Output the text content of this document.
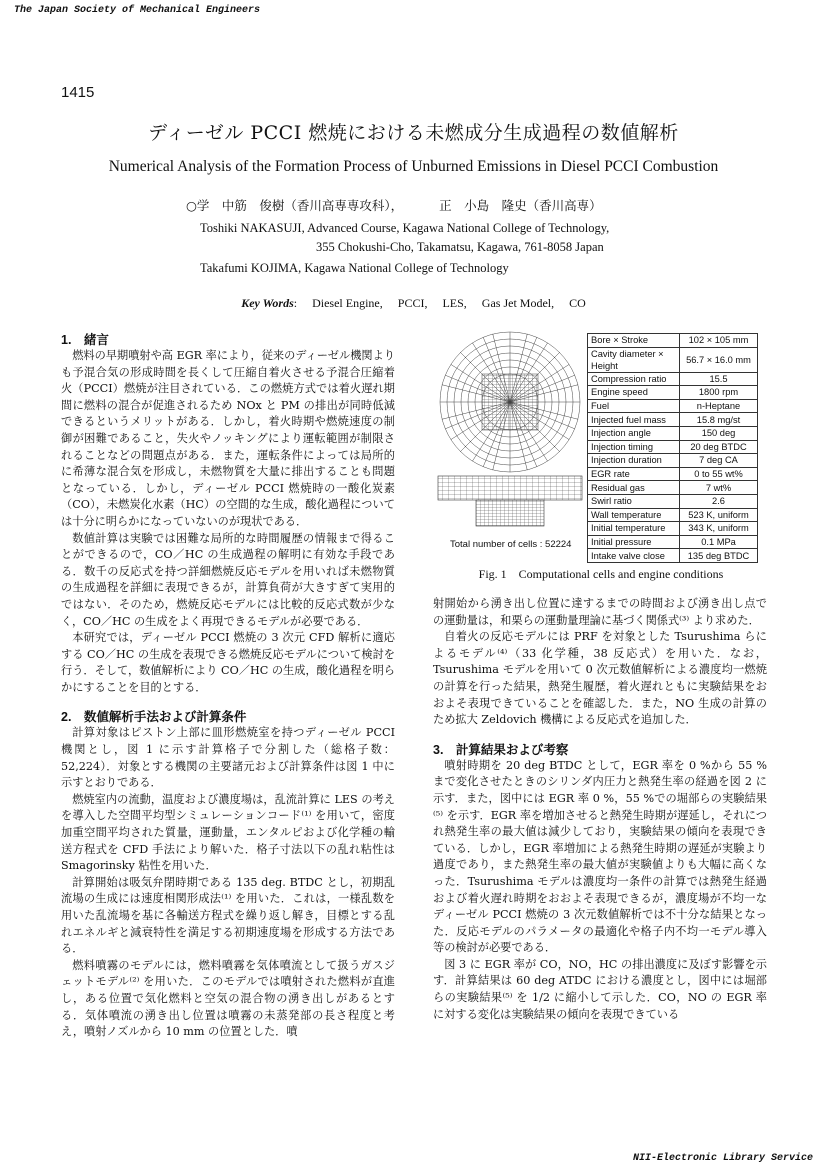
The Japan Society of Mechanical Engineers
1415
ディーゼル PCCI 燃焼における未燃成分生成過程の数値解析
Numerical Analysis of the Formation Process of Unburned Emissions in Diesel PCCI Combustion
○学　中筋　俊樹（香川高専専攻科），	正　小島　隆史（香川高専）
Toshiki NAKASUJI, Advanced Course, Kagawa National College of Technology,
355 Chokushi-Cho, Takamatsu, Kagawa, 761-8058 Japan
Takafumi KOJIMA, Kagawa National College of Technology
Key Words: Diesel Engine, PCCI, LES, Gas Jet Model, CO
1.　緒言

燃料の早期噴射や高 EGR 率により，従来のディーゼル機関よりも予混合気の形成時間を長くして圧縮自着火させる予混合圧縮着火（PCCI）燃焼が注目されている．この燃焼方式では着火遅れ期間に燃料の混合が促進されるため NOx と PM の排出が同時低減できるというメリットがある．しかし，着火時期や燃焼速度の制御が困難であること，失火やノッキングにより運転範囲が制限されることなどの問題点がある．また，運転条件によっては局所的に希薄な混合気を形成し，未燃物質を大量に排出することも問題となっている．しかし，ディーゼル PCCI 燃焼時の一酸化炭素（CO），未燃炭化水素（HC）の空間的な生成，酸化過程については十分に明らかになっていないのが現状である．

数値計算は実験では困難な局所的な時間履歴の情報まで得ることができるので，CO／HC の生成過程の解明に有効な手段である．数千の反応式を持つ詳細燃焼反応モデルを用いれば未燃物質の生成過程を詳細に表現できるが，計算負荷が大きすぎて実用的ではない．そのため，燃焼反応モデルには比較的反応式数が少なく，CO／HC の生成をよく再現できるモデルが必要である．

本研究では，ディーゼル PCCI 燃焼の 3 次元 CFD 解析に適応する CO／HC の生成を表現できる燃焼反応モデルについて検討を行う．そして，数値解析により CO／HC の生成，酸化過程を明らかにすることを目的とする．

2.　数値解析手法および計算条件

計算対象はピストン上部に皿形燃焼室を持つディーゼル PCCI 機関とし，図 1 に示す計算格子で分割した（総格子数：52,224）．対象とする機関の主要諸元および計算条件は図 1 中に示すとおりである．

燃焼室内の流動，温度および濃度場は，乱流計算に LES の考えを導入した空間平均型シミュレーションコード⁽¹⁾ を用いて，密度加重空間平均された質量，運動量，エンタルピおよび化学種の輸送方程式を CFD 手法により解いた．格子寸法以下の乱れ粘性は Smagorinsky 粘性を用いた．

計算開始は吸気弁閉時期である 135 deg. BTDC とし，初期乱流場の生成には速度相関形成法⁽¹⁾ を用いた．これは，一様乱数を用いた乱流場を基に各輸送方程式を繰り返し解き，目標とする乱れエネルギと減衰特性を満足する初期速度場を形成する方法である．

燃料噴霧のモデルには，燃料噴霧を気体噴流として扱うガスジェットモデル⁽²⁾ を用いた．このモデルでは噴射された燃料が直進し，ある位置で気化燃料と空気の混合物の湧き出しがあるとする．気体噴流の湧き出し位置は噴霧の未蒸発部の長さ程度と考え，噴射ノズルから 10 mm の位置とした．噴

Total number of cells : 52224
Bore × Stroke	102 × 105 mm
Cavity diameter × Height	56.7 × 16.0 mm
Compression ratio	15.5
Engine speed	1800 rpm
Fuel	n-Heptane
Injected fuel mass	15.8 mg/st
Injection angle	150 deg
Injection timing	20 deg BTDC
Injection duration	7 deg CA
EGR rate	0 to 55 wt%
Residual gas	7 wt%
Swirl ratio	2.6
Wall temperature	523 K, uniform
Initial temperature	343 K, uniform
Initial pressure	0.1 MPa
Intake valve close	135 deg BTDC
Fig. 1　Computational cells and engine conditions

射開始から湧き出し位置に達するまでの時間および湧き出し点での運動量は，和栗らの運動量理論に基づく関係式⁽³⁾ より求めた．

自着火の反応モデルには PRF を対象とした Tsurushima らによるモデル⁽⁴⁾（33 化学種，38 反応式）を用いた．なお，Tsurushima モデルを用いて 0 次元数値解析による濃度均一燃焼の計算を行った結果，熱発生履歴，着火遅れともに実験結果をおおよそ表現できていることを確認した．また，NO 生成の計算のため拡大 Zeldovich 機構による反応式を追加した．

3.　計算結果および考察

噴射時期を 20 deg BTDC として，EGR 率を 0 %から 55 % まで変化させたときのシリンダ内圧力と熱発生率の経過を図 2 に示す．また，図中には EGR 率 0 %，55 %での堀部らの実験結果⁽⁵⁾ を示す．EGR 率を増加させると熱発生時期が遅延し，それにつれ熱発生率の最大値は減少しており，実験結果の傾向を表現できている．しかし，EGR 率増加による熱発生時期の遅延が実験より過度であり，また熱発生率の最大値が実験値よりも大幅に高くなった．Tsurushima モデルは濃度均一条件の計算では熱発生経過および着火遅れ時期をおおよそ表現できるが，濃度場が不均一なディーゼル PCCI 燃焼の 3 次元数値解析では不十分な結果となった．反応モデルのパラメータの最適化や格子内不均一モデル導入等の検討が必要である．

図 3 に EGR 率が CO，NO，HC の排出濃度に及ぼす影響を示す．計算結果は 60 deg ATDC における濃度とし，図中には堀部らの実験結果⁽⁵⁾ を 1/2 に縮小して示した．CO，NO の EGR 率に対する変化は実験結果の傾向を表現できている

NII-Electronic Library Service
